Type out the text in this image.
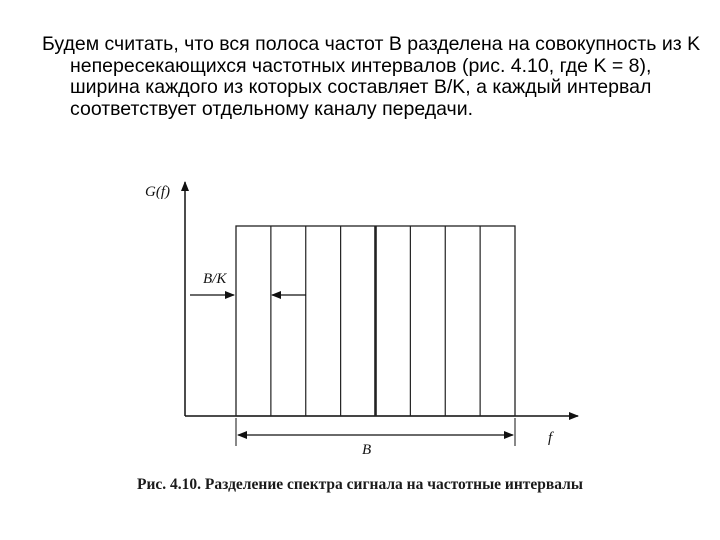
Будем считать, что вся полоса частот B разделена на совокупность из K непересекающихся частотных интервалов (рис. 4.10, где K = 8), ширина каждого из которых составляет B/K, а каждый интервал соответствует отдельному каналу передачи.

G(f)
f
B/K
B
Рис. 4.10. Разделение спектра сигнала на частотные интервалы
